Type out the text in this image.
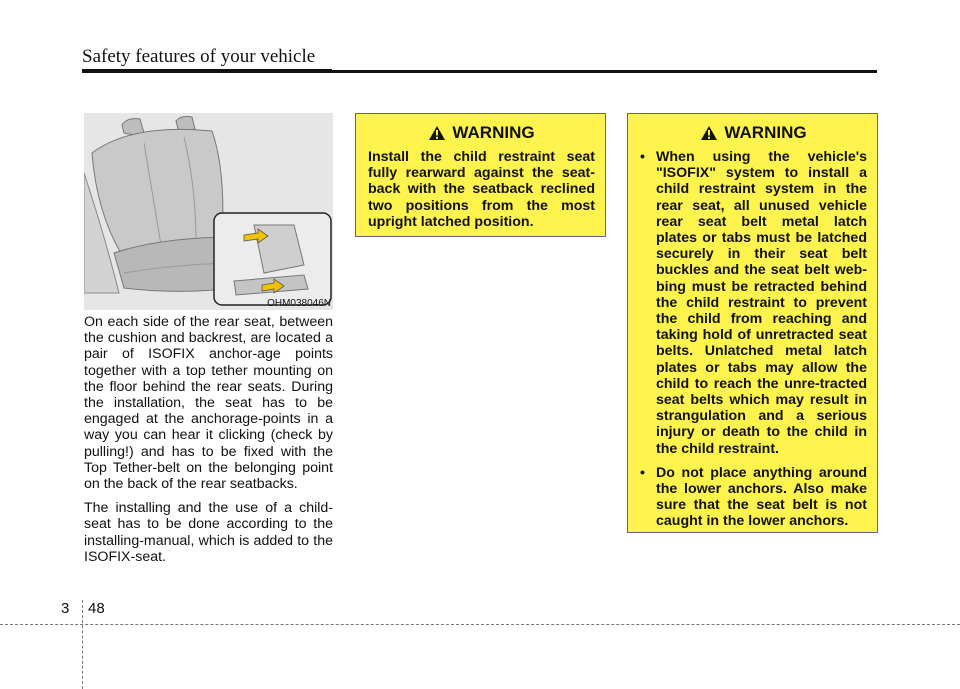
Safety features of your vehicle
OHM038046N

On each side of the rear seat, between the cushion and backrest, are located a pair of ISOFIX anchor-age points together with a top tether mounting on the floor behind the rear seats. During the installation, the seat has to be engaged at the anchorage-points in a way you can hear it clicking (check by pulling!) and has to be fixed with the Top Tether-belt on the belonging point on the back of the rear seatbacks.

The installing and the use of a child-seat has to be done according to the installing-manual, which is added to the ISOFIX-seat.

WARNING
Install the child restraint seat fully rearward against the seat-back with the seatback reclined two positions from the most upright latched position.
WARNING
• When using the vehicle's "ISOFIX" system to install a child restraint system in the rear seat, all unused vehicle rear seat belt metal latch plates or tabs must be latched securely in their seat belt buckles and the seat belt web-bing must be retracted behind the child restraint to prevent the child from reaching and taking hold of unretracted seat belts. Unlatched metal latch plates or tabs may allow the child to reach the unre-tracted seat belts which may result in strangulation and a serious injury or death to the child in the child restraint.
• Do not place anything around the lower anchors. Also make sure that the seat belt is not caught in the lower anchors.
3 48
